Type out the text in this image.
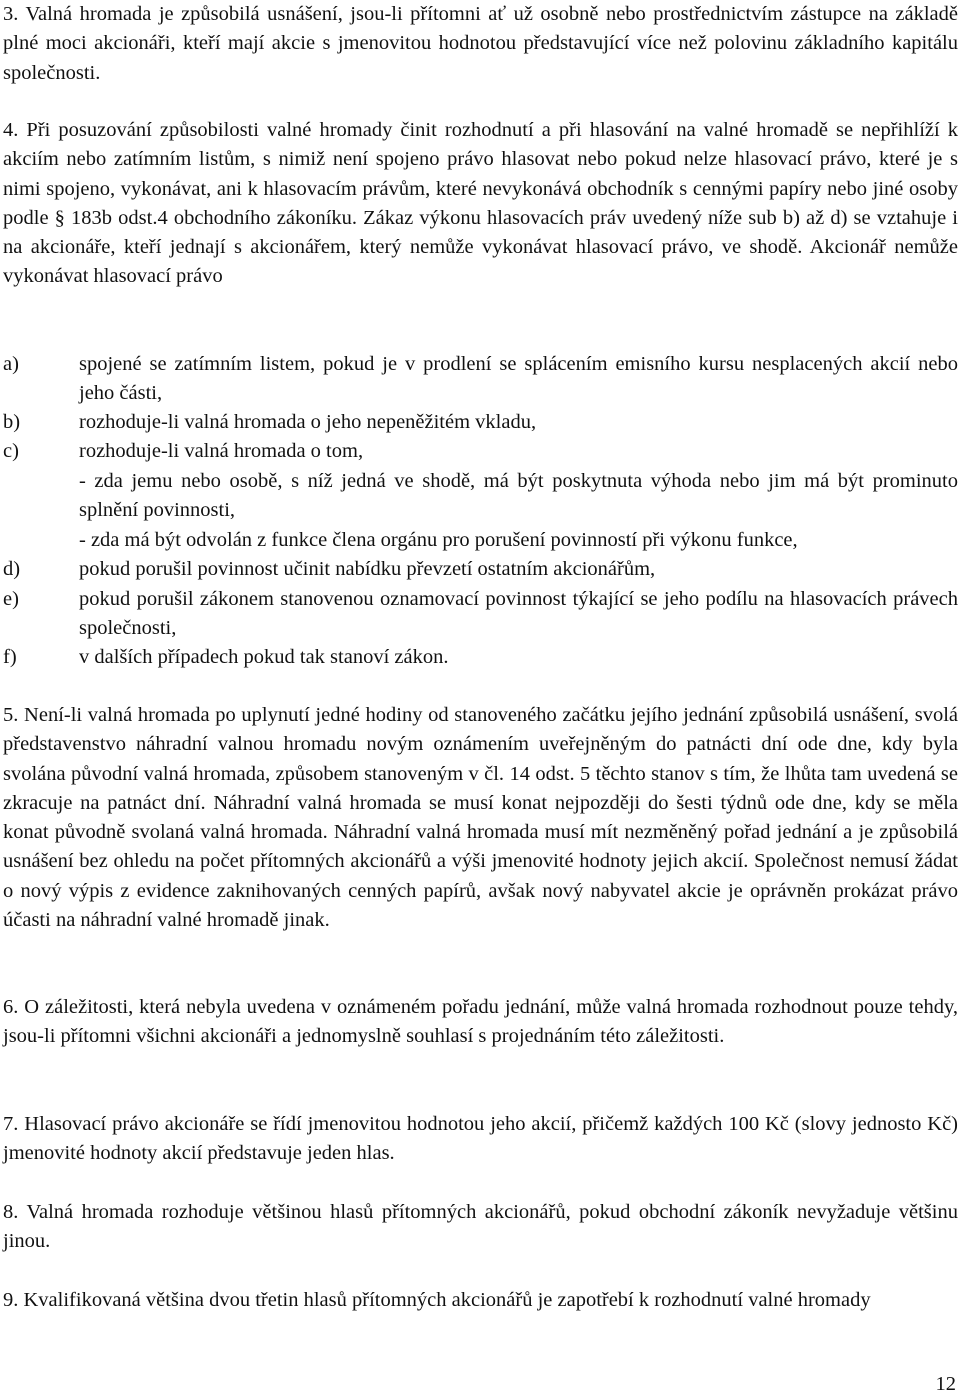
3. Valná hromada je způsobilá usnášení, jsou-li přítomni ať už osobně nebo prostřednictvím zástupce na základě plné moci akcionáři, kteří mají akcie s jmenovitou hodnotou představující více než polovinu základního kapitálu společnosti.
4. Při posuzování způsobilosti valné hromady činit rozhodnutí a při hlasování na valné hromadě se nepřihlíží k akciím nebo zatímním listům, s nimiž není spojeno právo hlasovat nebo pokud nelze hlasovací právo, které je s nimi spojeno, vykonávat, ani k hlasovacím právům, které nevykonává obchodník s cennými papíry nebo jiné osoby podle § 183b odst.4 obchodního zákoníku. Zákaz výkonu hlasovacích práv uvedený níže sub b) až d) se vztahuje i na akcionáře, kteří jednají s akcionářem, který nemůže vykonávat hlasovací právo, ve shodě. Akcionář nemůže vykonávat hlasovací právo
a)	spojené se zatímním listem, pokud je v prodlení se splácením emisního kursu nesplacených akcií nebo jeho části,
b)	rozhoduje-li valná hromada o jeho nepeněžitém vkladu,
c)	rozhoduje-li valná hromada o tom,
- zda jemu nebo osobě, s níž jedná ve shodě, má být poskytnuta výhoda nebo jim má být prominuto splnění povinnosti,
- zda má být odvolán z funkce člena orgánu pro porušení povinností při výkonu funkce,
d)	pokud porušil povinnost učinit nabídku převzetí ostatním akcionářům,
e)	pokud porušil zákonem stanovenou oznamovací povinnost týkající se jeho podílu na hlasovacích právech společnosti,
f)	v dalších případech pokud tak stanoví zákon.
5. Není-li valná hromada po uplynutí jedné hodiny od stanoveného začátku jejího jednání způsobilá usnášení, svolá představenstvo náhradní valnou hromadu novým oznámením uveřejněným do patnácti dní ode dne, kdy byla svolána původní valná hromada, způsobem stanoveným v čl. 14 odst. 5 těchto stanov s tím, že lhůta tam uvedená se zkracuje na patnáct dní. Náhradní valná hromada se musí konat nejpozději do šesti týdnů ode dne, kdy se měla konat původně svolaná valná hromada. Náhradní valná hromada musí mít nezměněný pořad jednání a je způsobilá usnášení bez ohledu na počet přítomných akcionářů a výši jmenovité hodnoty jejich akcií. Společnost nemusí žádat o nový výpis z evidence zaknihovaných cenných papírů, avšak nový nabyvatel akcie je oprávněn prokázat právo účasti na náhradní valné hromadě jinak.
6. O záležitosti, která nebyla uvedena v oznámeném pořadu jednání, může valná hromada rozhodnout pouze tehdy, jsou-li přítomni všichni akcionáři a jednomyslně souhlasí s projednáním této záležitosti.
7. Hlasovací právo akcionáře se řídí jmenovitou hodnotou jeho akcií, přičemž každých 100 Kč (slovy jednosto Kč) jmenovité hodnoty akcií představuje jeden hlas.
8. Valná hromada rozhoduje většinou hlasů přítomných akcionářů, pokud obchodní zákoník nevyžaduje většinu jinou.
9. Kvalifikovaná většina dvou třetin hlasů přítomných akcionářů je zapotřebí k rozhodnutí valné hromady
12
